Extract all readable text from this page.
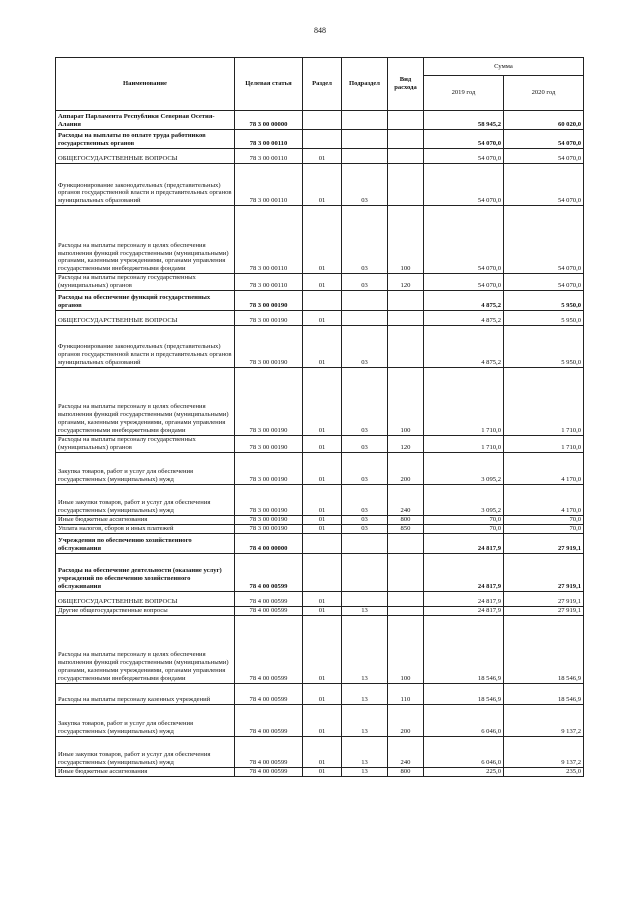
848
Наименование	Целевая статья	Раздел	Подраздел	Вид расхода	Сумма	
					2019 год	2020 год
Аппарат Парламента Республики Северная Осетия-Алания	78 3 00 00000				58 945,2	60 020,0
Расходы на выплаты по оплате труда работников государственных органов	78 3 00 00110				54 070,0	54 070,0
ОБЩЕГОСУДАРСТВЕННЫЕ ВОПРОСЫ	78 3 00 00110	01			54 070,0	54 070,0
Функционирование законодательных (представительных) органов государственной власти и представительных органов муниципальных образований	78 3 00 00110	01	03		54 070,0	54 070,0
Расходы на выплаты персоналу в целях обеспечения выполнения функций государственными (муниципальными) органами, казенными учреждениями, органами управления государственными внебюджетными фондами	78 3 00 00110	01	03	100	54 070,0	54 070,0
Расходы на выплаты персоналу государственных (муниципальных) органов	78 3 00 00110	01	03	120	54 070,0	54 070,0
Расходы на обеспечение функций государственных органов	78 3 00 00190				4 875,2	5 950,0
ОБЩЕГОСУДАРСТВЕННЫЕ ВОПРОСЫ	78 3 00 00190	01			4 875,2	5 950,0
Функционирование законодательных (представительных) органов государственной власти и представительных органов муниципальных образований	78 3 00 00190	01	03		4 875,2	5 950,0
Расходы на выплаты персоналу в целях обеспечения выполнения функций государственными (муниципальными) органами, казенными учреждениями, органами управления государственными внебюджетными фондами	78 3 00 00190	01	03	100	1 710,0	1 710,0
Расходы на выплаты персоналу государственных (муниципальных) органов	78 3 00 00190	01	03	120	1 710,0	1 710,0
Закупка товаров, работ и услуг для обеспечения государственных (муниципальных) нужд	78 3 00 00190	01	03	200	3 095,2	4 170,0
Иные закупки товаров, работ и услуг для обеспечения государственных (муниципальных) нужд	78 3 00 00190	01	03	240	3 095,2	4 170,0
Иные бюджетные ассигнования	78 3 00 00190	01	03	800	70,0	70,0
Уплата налогов, сборов и иных платежей	78 3 00 00190	01	03	850	70,0	70,0
Учреждения по обеспечению хозяйственного обслуживания	78 4 00 00000				24 817,9	27 919,1
Расходы на обеспечение деятельности (оказание услуг) учреждений по обеспечению хозяйственного обслуживания	78 4 00 00599				24 817,9	27 919,1
ОБЩЕГОСУДАРСТВЕННЫЕ ВОПРОСЫ	78 4 00 00599	01			24 817,9	27 919,1
Другие общегосударственные вопросы	78 4 00 00599	01	13		24 817,9	27 919,1
Расходы на выплаты персоналу в целях обеспечения выполнения функций государственными (муниципальными) органами, казенными учреждениями, органами управления государственными внебюджетными фондами	78 4 00 00599	01	13	100	18 546,9	18 546,9
Расходы на выплаты персоналу казенных учреждений	78 4 00 00599	01	13	110	18 546,9	18 546,9
Закупка товаров, работ и услуг для обеспечения государственных (муниципальных) нужд	78 4 00 00599	01	13	200	6 046,0	9 137,2
Иные закупки товаров, работ и услуг для обеспечения государственных (муниципальных) нужд	78 4 00 00599	01	13	240	6 046,0	9 137,2
Иные бюджетные ассигнования	78 4 00 00599	01	13	800	225,0	235,0
